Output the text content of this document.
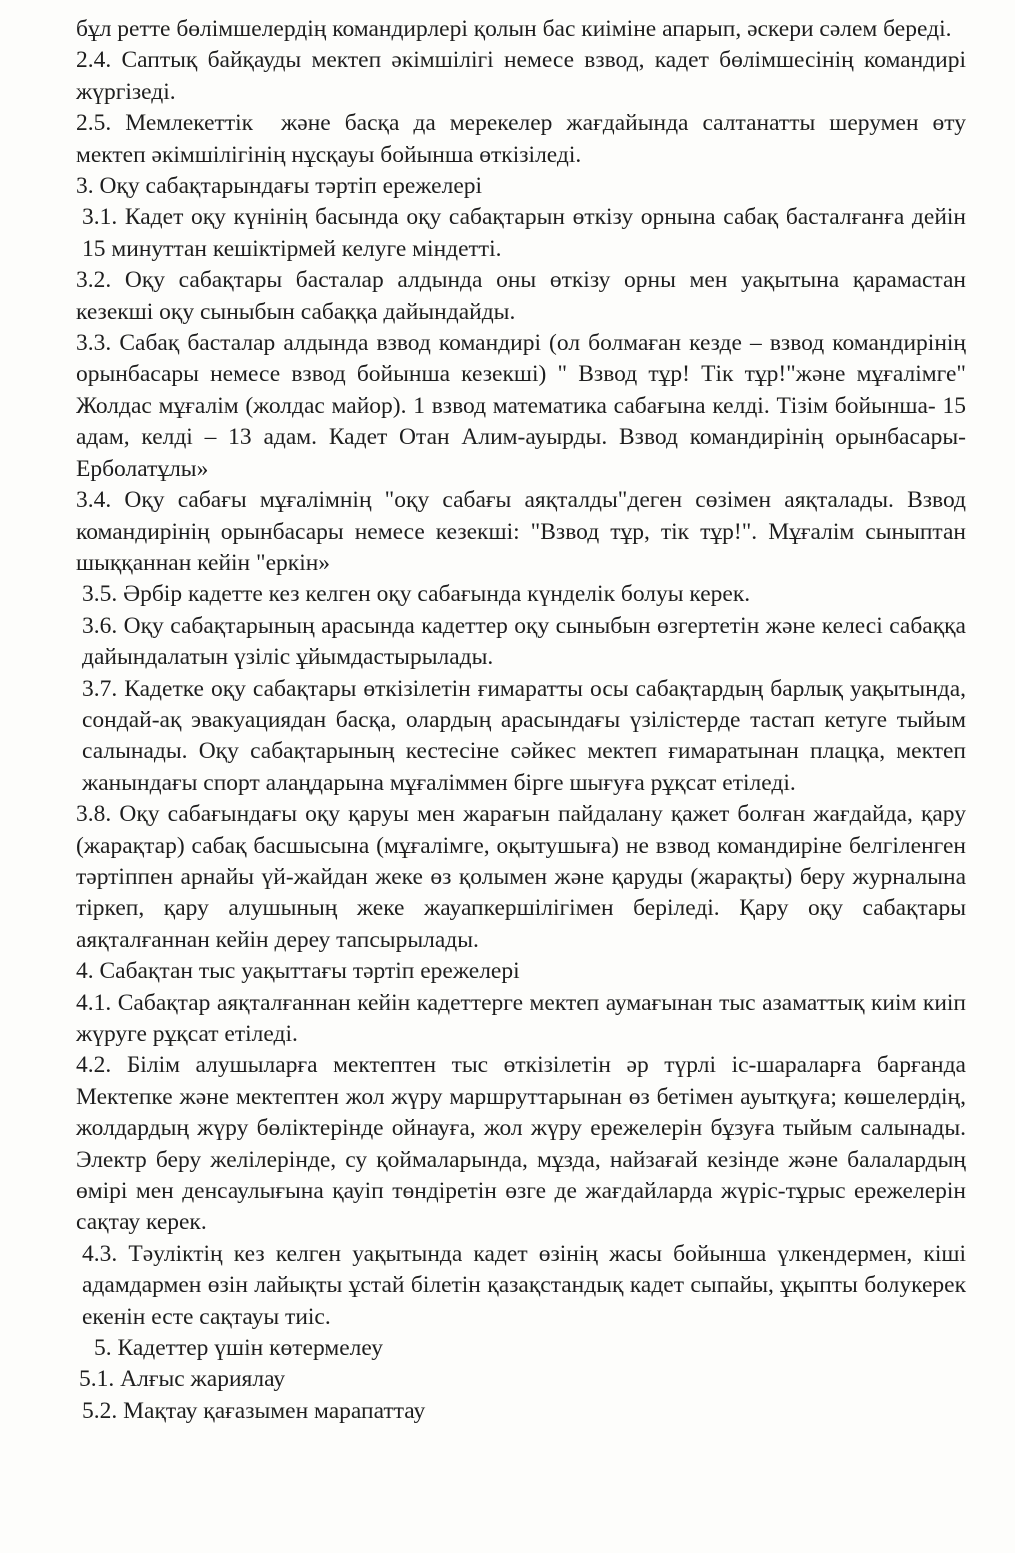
бұл ретте бөлімшелердің командирлері қолын бас киіміне апарып, әскери сәлем береді.

2.4. Саптық байқауды мектеп әкімшілігі немесе взвод, кадет бөлімшесінің командирі жүргізеді.

2.5. Мемлекеттік  және басқа да мерекелер жағдайында салтанатты шерумен өту  мектеп әкімшілігінің нұсқауы бойынша өткізіледі.

3. Оқу сабақтарындағы тәртіп ережелері

3.1. Кадет оқу күнінің басында оқу сабақтарын өткізу орнына сабақ басталғанға дейін 15 минуттан кешіктірмей келуге міндетті.

3.2. Оқу сабақтары басталар алдында оны өткізу орны мен уақытына қарамастан кезекші оқу сыныбын сабаққа дайындайды.

3.3. Сабақ басталар алдында взвод командирі (ол болмаған кезде – взвод командирінің орынбасары немесе взвод бойынша кезекші) " Взвод тұр! Тік тұр!"және мұғалімге" Жолдас мұғалім (жолдас майор). 1 взвод математика сабағына келді. Тізім бойынша- 15 адам, келді – 13 адам. Кадет Отан Алим-ауырды. Взвод командирінің орынбасары-Ерболатұлы»

3.4. Оқу сабағы мұғалімнің "оқу сабағы аяқталды"деген сөзімен аяқталады. Взвод командирінің орынбасары немесе кезекші: "Взвод тұр, тік тұр!". Мұғалім сыныптан шыққаннан кейін "еркін»

3.5. Әрбір кадетте кез келген оқу сабағында күнделік болуы керек.

3.6. Оқу сабақтарының арасында кадеттер оқу сыныбын өзгертетін және келесі сабаққа дайындалатын үзіліс ұйымдастырылады.

3.7. Кадетке оқу сабақтары өткізілетін ғимаратты осы сабақтардың барлық уақытында, сондай-ақ эвакуациядан басқа, олардың арасындағы үзілістерде тастап кетуге тыйым салынады. Оқу сабақтарының кестесіне сәйкес мектеп ғимаратынан плацқа, мектеп жанындағы спорт алаңдарына мұғаліммен бірге шығуға рұқсат етіледі.

3.8. Оқу сабағындағы оқу қаруы мен жарағын пайдалану қажет болған жағдайда, қару (жарақтар) сабақ басшысына (мұғалімге, оқытушыға) не взвод командиріне белгіленген тәртіппен арнайы үй-жайдан жеке өз қолымен және қаруды (жарақты) беру журналына тіркеп, қару алушының жеке жауапкершілігімен беріледі. Қару оқу сабақтары аяқталғаннан кейін дереу тапсырылады.

4. Сабақтан тыс уақыттағы тәртіп ережелері

4.1. Сабақтар аяқталғаннан кейін кадеттерге мектеп аумағынан тыс азаматтық киім киіп жүруге рұқсат етіледі.

4.2. Білім алушыларға мектептен тыс өткізілетін әр түрлі іс-шараларға барғанда Мектепке және мектептен жол жүру маршруттарынан өз бетімен ауытқуға; көшелердің, жолдардың жүру бөліктерінде ойнауға, жол жүру ережелерін бұзуға тыйым салынады. Электр беру желілерінде, су қоймаларында, мұзда, найзағай кезінде және балалардың өмірі мен денсаулығына қауіп төндіретін өзге де жағдайларда жүріс-тұрыс ережелерін сақтау керек.

4.3. Тәуліктің кез келген уақытында кадет өзінің жасы бойынша үлкендермен, кіші адамдармен өзін лайықты ұстай білетін қазақстандық кадет сыпайы, ұқыпты болукерек  екенін есте сақтауы тиіс.

5. Кадеттер үшін көтермелеу

5.1. Алғыс жариялау

5.2. Мақтау қағазымен марапаттау
